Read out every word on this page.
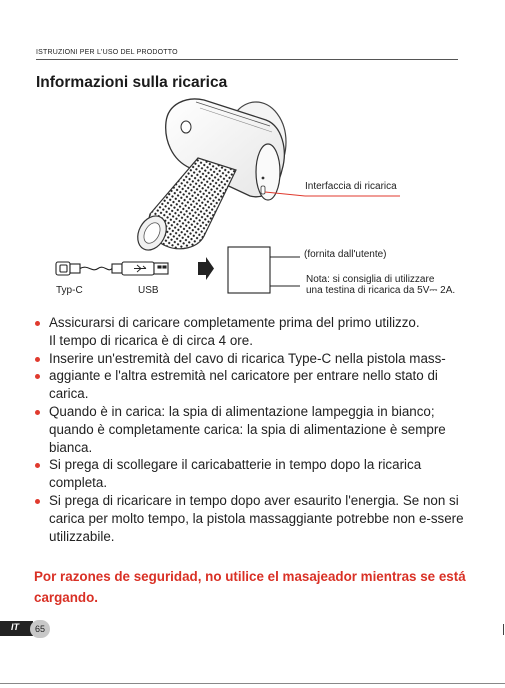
ISTRUZIONI PER L'USO DEL PRODOTTO
Informazioni sulla ricarica
Interfaccia di ricarica
(fornita dall'utente)
Nota: si consiglia di utilizzare
una testina di ricarica da 5V⎓ 2A.
Typ-C	USB
Assicurarsi di caricare completamente prima del primo utilizzo.
Il tempo di ricarica è di circa 4 ore.
Inserire un'estremità del cavo di ricarica Type-C nella pistola mass-
aggiante e l'altra estremità nel caricatore per entrare nello stato di carica.
Quando è in carica: la spia di alimentazione lampeggia in bianco; quando è completamente carica: la spia di alimentazione è sempre bianca.
Si prega di scollegare il caricabatterie in tempo dopo la ricarica completa.
Si prega di ricaricare in tempo dopo aver esaurito l'energia. Se non si carica per molto tempo, la pistola massaggiante potrebbe non e-ssere utilizzabile.
Por razones de seguridad, no utilice el masajeador mientras se está cargando.
IT	65
